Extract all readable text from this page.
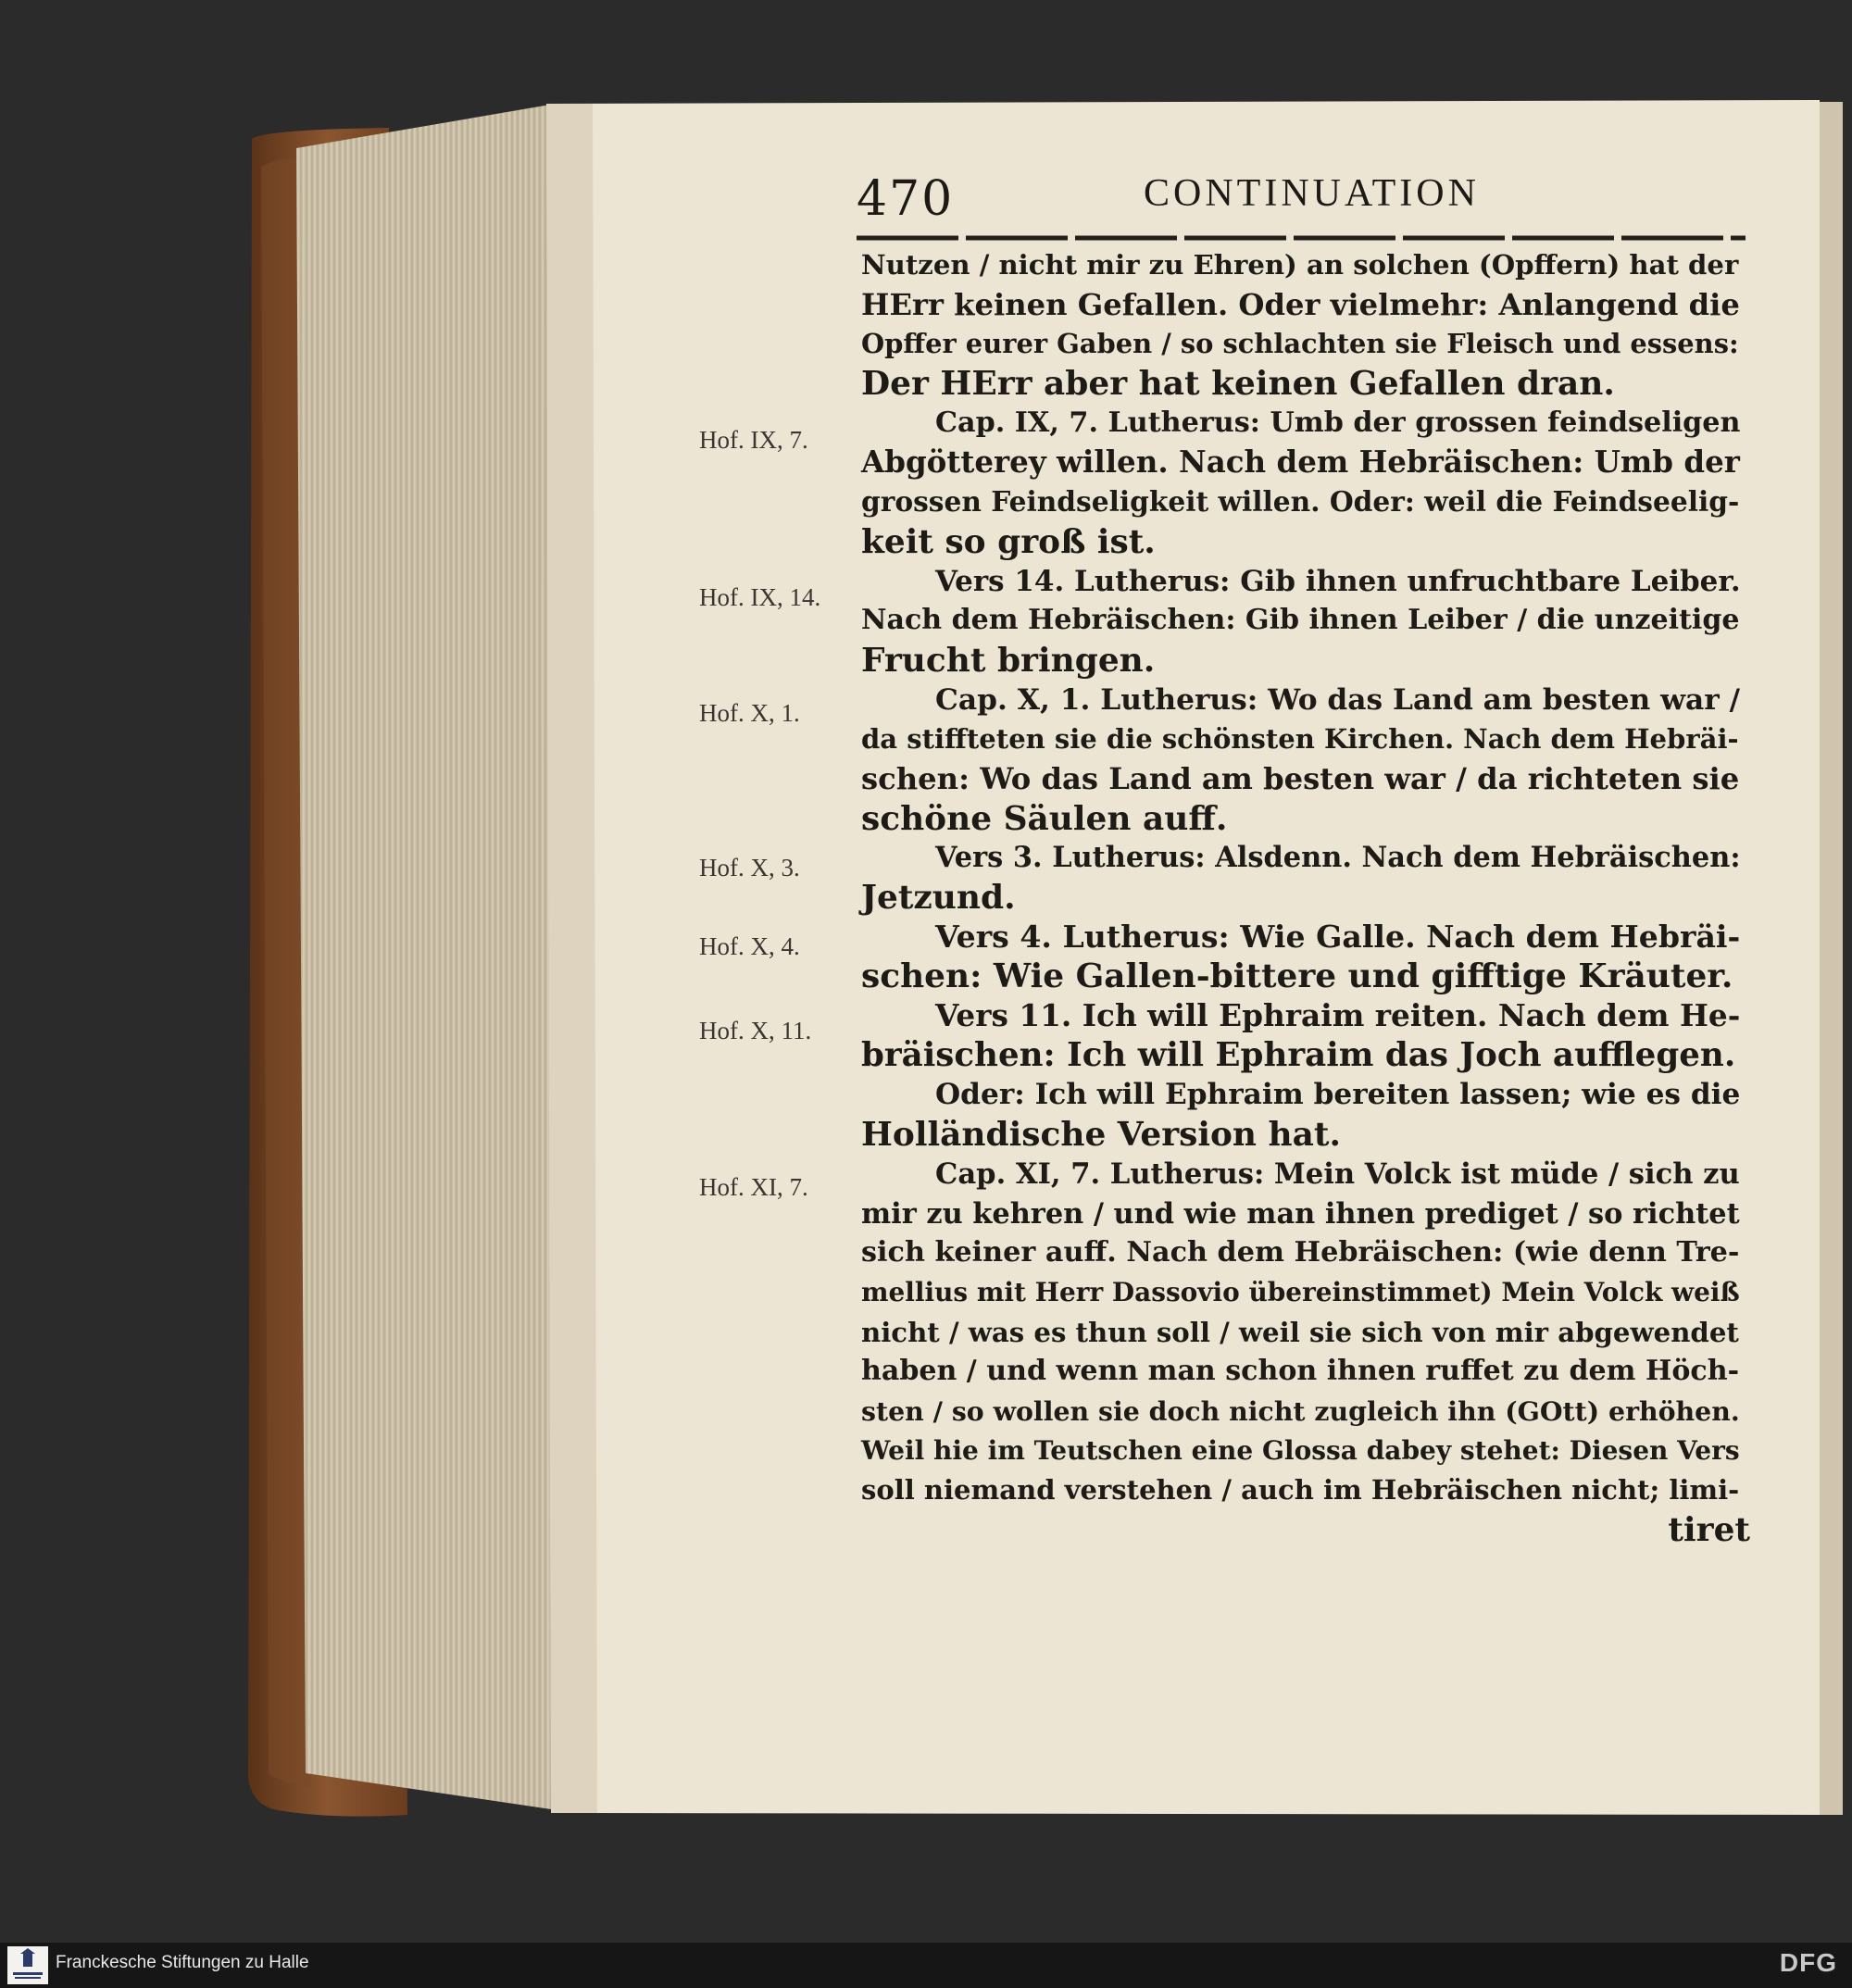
470	CONTINUATION
Hof. IX, 7.
Hof. IX, 14.
Hof. X, 1.
Hof. X, 3.
Hof. X, 4.
Hof. X, 11.
Hof. XI, 7.
Nutzen / nicht mir zu Ehren) an solchen (Opffern) hat der
HErr keinen Gefallen. Oder vielmehr: Anlangend die
Opffer eurer Gaben / so schlachten sie Fleisch und essens:
Der HErr aber hat keinen Gefallen dran.
Cap. IX, 7. Lutherus: Umb der grossen feindseligen
Abgötterey willen. Nach dem Hebräischen: Umb der
grossen Feindseligkeit willen. Oder: weil die Feindseelig-
keit so groß ist.
Vers 14. Lutherus: Gib ihnen unfruchtbare Leiber.
Nach dem Hebräischen: Gib ihnen Leiber / die unzeitige
Frucht bringen.
Cap. X, 1. Lutherus: Wo das Land am besten war /
da stiffteten sie die schönsten Kirchen. Nach dem Hebräi-
schen: Wo das Land am besten war / da richteten sie
schöne Säulen auff.
Vers 3. Lutherus: Alsdenn. Nach dem Hebräischen:
Jetzund.
Vers 4. Lutherus: Wie Galle. Nach dem Hebräi-
schen: Wie Gallen-bittere und gifftige Kräuter.
Vers 11. Ich will Ephraim reiten. Nach dem He-
bräischen: Ich will Ephraim das Joch aufflegen.
Oder: Ich will Ephraim bereiten lassen; wie es die
Holländische Version hat.
Cap. XI, 7. Lutherus: Mein Volck ist müde / sich zu
mir zu kehren / und wie man ihnen prediget / so richtet
sich keiner auff. Nach dem Hebräischen: (wie denn Tre-
mellius mit Herr Dassovio übereinstimmet) Mein Volck weiß
nicht / was es thun soll / weil sie sich von mir abgewendet
haben / und wenn man schon ihnen ruffet zu dem Höch-
sten / so wollen sie doch nicht zugleich ihn (GOtt) erhöhen.
Weil hie im Teutschen eine Glossa dabey stehet: Diesen Vers
soll niemand verstehen / auch im Hebräischen nicht; limi-
tiret
Franckesche Stiftungen zu Halle	DFG
